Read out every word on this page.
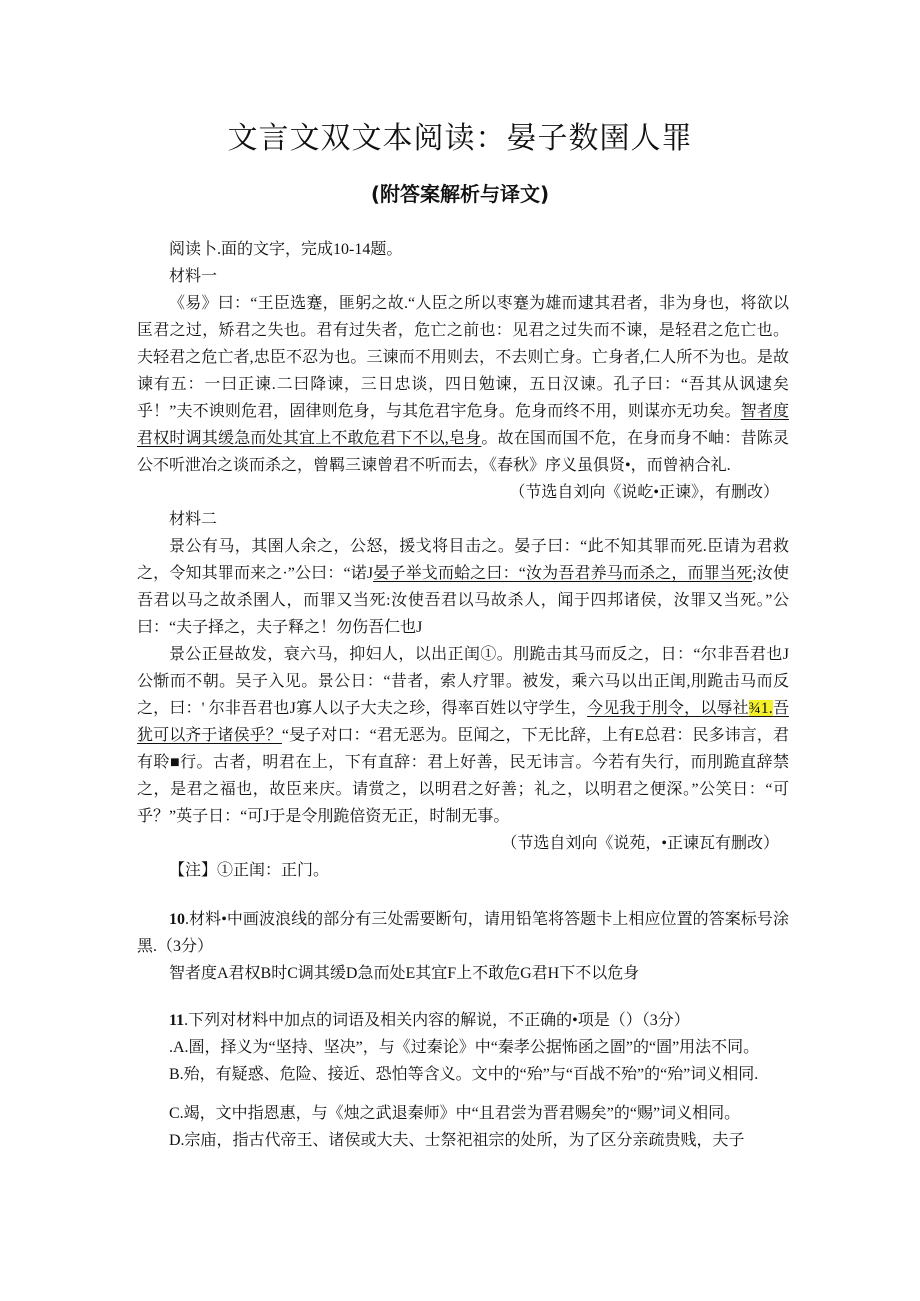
文言文双文本阅读：晏子数圉人罪
(附答案解析与译文)

阅读卜.面的文字，完成10-14题。

材料一

《易》曰：“王臣选蹇，匪躬之故.“人臣之所以枣蹇为雄而逮其君者，非为身也，将欲以匡君之过，矫君之失也。君有过失者，危亡之前也：见君之过失而不谏，是轻君之危亡也。夫轻君之危亡者,忠臣不忍为也。三谏而不用则去，不去则亡身。亡身者,仁人所不为也。是故谏有五：一曰正谏.二曰降谏，三日忠谈，四日勉谏，五日汉谏。孔子曰：“吾其从讽逮矣乎！”夫不谀则危君，固律则危身，与其危君宇危身。危身而终不用，则谋亦无功矣。智者度君权时调其缓急而处其宜上不敢危君下不以,皂身。故在国而国不危，在身而身不岫：昔陈灵公不听泄冶之谈而杀之，曾羁三谏曾君不听而去，《春秋》序义虽俱贤•，而曾衲合礼.

（节选自刘向《说屹•正谏》，有删改）

材料二

景公有马，其圉人余之，公怒，援戈将目击之。晏子曰：“此不知其罪而死.臣请为君救之，令知其罪而来之·”公曰：“诺J晏子举戈而蛤之曰：“汝为吾君养马而杀之，而罪当死;汝使吾君以马之故杀圉人，而罪又当死:汝使吾君以马故杀人，闻于四邦诸侯，汝罪又当死。”公曰：“夫子择之，夫子释之！勿伤吾仁也J

景公正昼故发，衰六马，抑妇人，以出正闺①。刖跪击其马而反之，日：“尔非吾君也J公惭而不朝。吴子入见。景公日：“昔者，索人疗罪。被发，乘六马以出正闺,刖跪击马而反之，曰：' 尔非吾君也J寡人以子大夫之珍，得率百姓以守学生，今见我于刖令，以辱社¾1.吾犹可以齐于诸侯乎？“旻子对口：“君无恶为。臣闻之，下无比辞，上有E总君：民多讳言，君有聆■行。古者，明君在上，下有直辞：君上好善，民无讳言。今若有失行，而刖跪直辞禁之，是君之福也，故臣来庆。请赏之，以明君之好善；礼之，以明君之便深。”公笑日：“可乎？”英子日：“可J于是令刖跪倍资无正，时制无事。

（节选自刘向《说苑，•正谏瓦有删改）

【注】①正闺：正门。

10.材料•中画波浪线的部分有三处需要断句，请用铅笔将答题卡上相应位置的答案标号涂黑.（3分）

智者度A君权B时C调其缓D急而处E其宜F上不敢危G君H下不以危身

11.下列对材料中加点的词语及相关内容的解说，不正确的•项是（）（3分）

.A.圄，择义为“坚持、坚决”，与《过秦论》中“秦孝公据怖函之圄”的“圄”用法不同。

B.殆，有疑惑、危险、接近、恐怕等含义。文中的“殆”与“百战不殆”的“殆”词义相同.

C.竭，文中指恩惠，与《烛之武退秦师》中“且君尝为晋君赐矣”的“赐”词义相同。

D.宗庙，指古代帝王、诸侯或大夫、士祭祀祖宗的处所，为了区分亲疏贵贱，夫子
